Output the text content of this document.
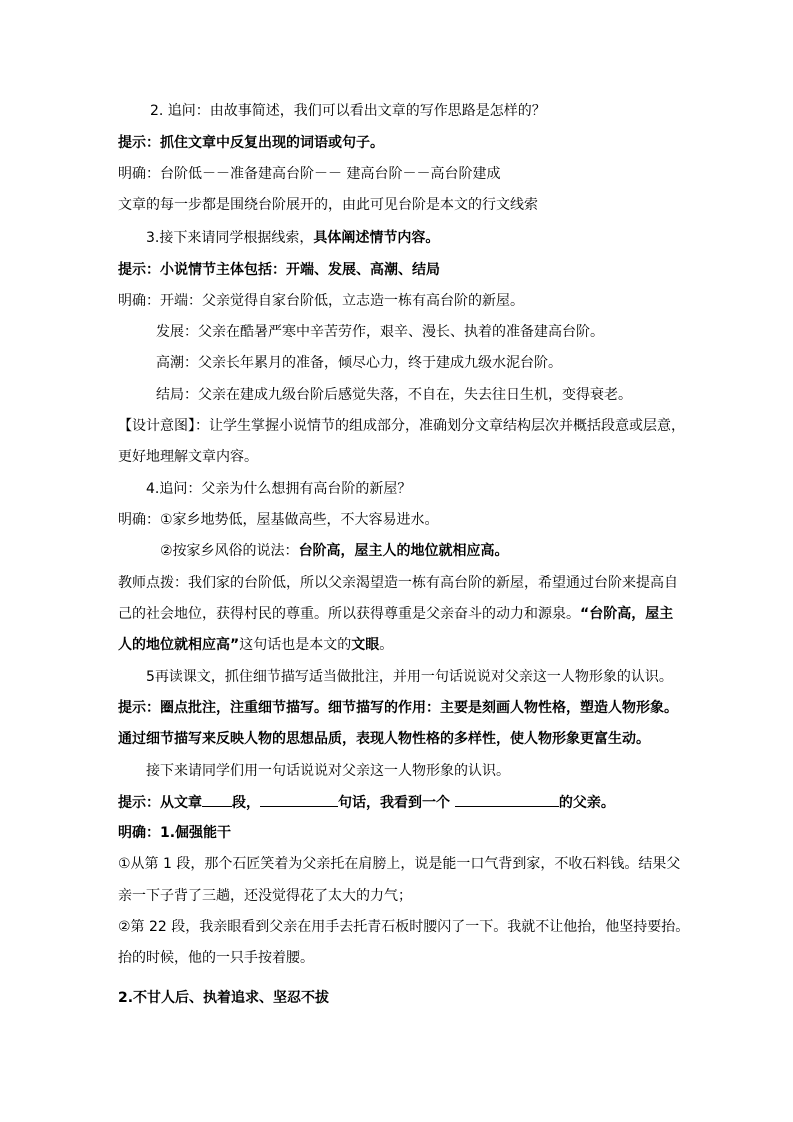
2. 追问：由故事简述，我们可以看出文章的写作思路是怎样的？
提示：抓住文章中反复出现的词语或句子。
明确：台阶低－－准备建高台阶－－ 建高台阶－－高台阶建成
文章的每一步都是围绕台阶展开的，由此可见台阶是本文的行文线索
3.接下来请同学根据线索，具体阐述情节内容。
提示：小说情节主体包括：开端、发展、高潮、结局
明确：开端：父亲觉得自家台阶低，立志造一栋有高台阶的新屋。
发展：父亲在酷暑严寒中辛苦劳作，艰辛、漫长、执着的准备建高台阶。
高潮：父亲长年累月的准备，倾尽心力，终于建成九级水泥台阶。
结局：父亲在建成九级台阶后感觉失落，不自在，失去往日生机，变得衰老。
【设计意图】：让学生掌握小说情节的组成部分，准确划分文章结构层次并概括段意或层意，
更好地理解文章内容。
4.追问：父亲为什么想拥有高台阶的新屋？
明确：①家乡地势低，屋基做高些，不大容易进水。
②按家乡风俗的说法：台阶高，屋主人的地位就相应高。
教师点拨：我们家的台阶低，所以父亲渴望造一栋有高台阶的新屋，希望通过台阶来提高自
己的社会地位，获得村民的尊重。所以获得尊重是父亲奋斗的动力和源泉。“台阶高，屋主
人的地位就相应高”这句话也是本文的文眼。
5再读课文，抓住细节描写适当做批注，并用一句话说说对父亲这一人物形象的认识。
提示：圈点批注，注重细节描写。细节描写的作用：主要是刻画人物性格，塑造人物形象。
通过细节描写来反映人物的思想品质，表现人物性格的多样性，使人物形象更富生动。
接下来请同学们用一句话说说对父亲这一人物形象的认识。
提示：从文章 段，	句话，我看到一个	的父亲。
明确：1.倔强能干
①从第 1 段，那个石匠笑着为父亲托在肩膀上，说是能一口气背到家，不收石料钱。结果父
亲一下子背了三趟，还没觉得花了太大的力气；
②第 22 段，我亲眼看到父亲在用手去托青石板时腰闪了一下。我就不让他抬，他坚持要抬。
抬的时候，他的一只手按着腰。
2.不甘人后、执着追求、坚忍不拔
